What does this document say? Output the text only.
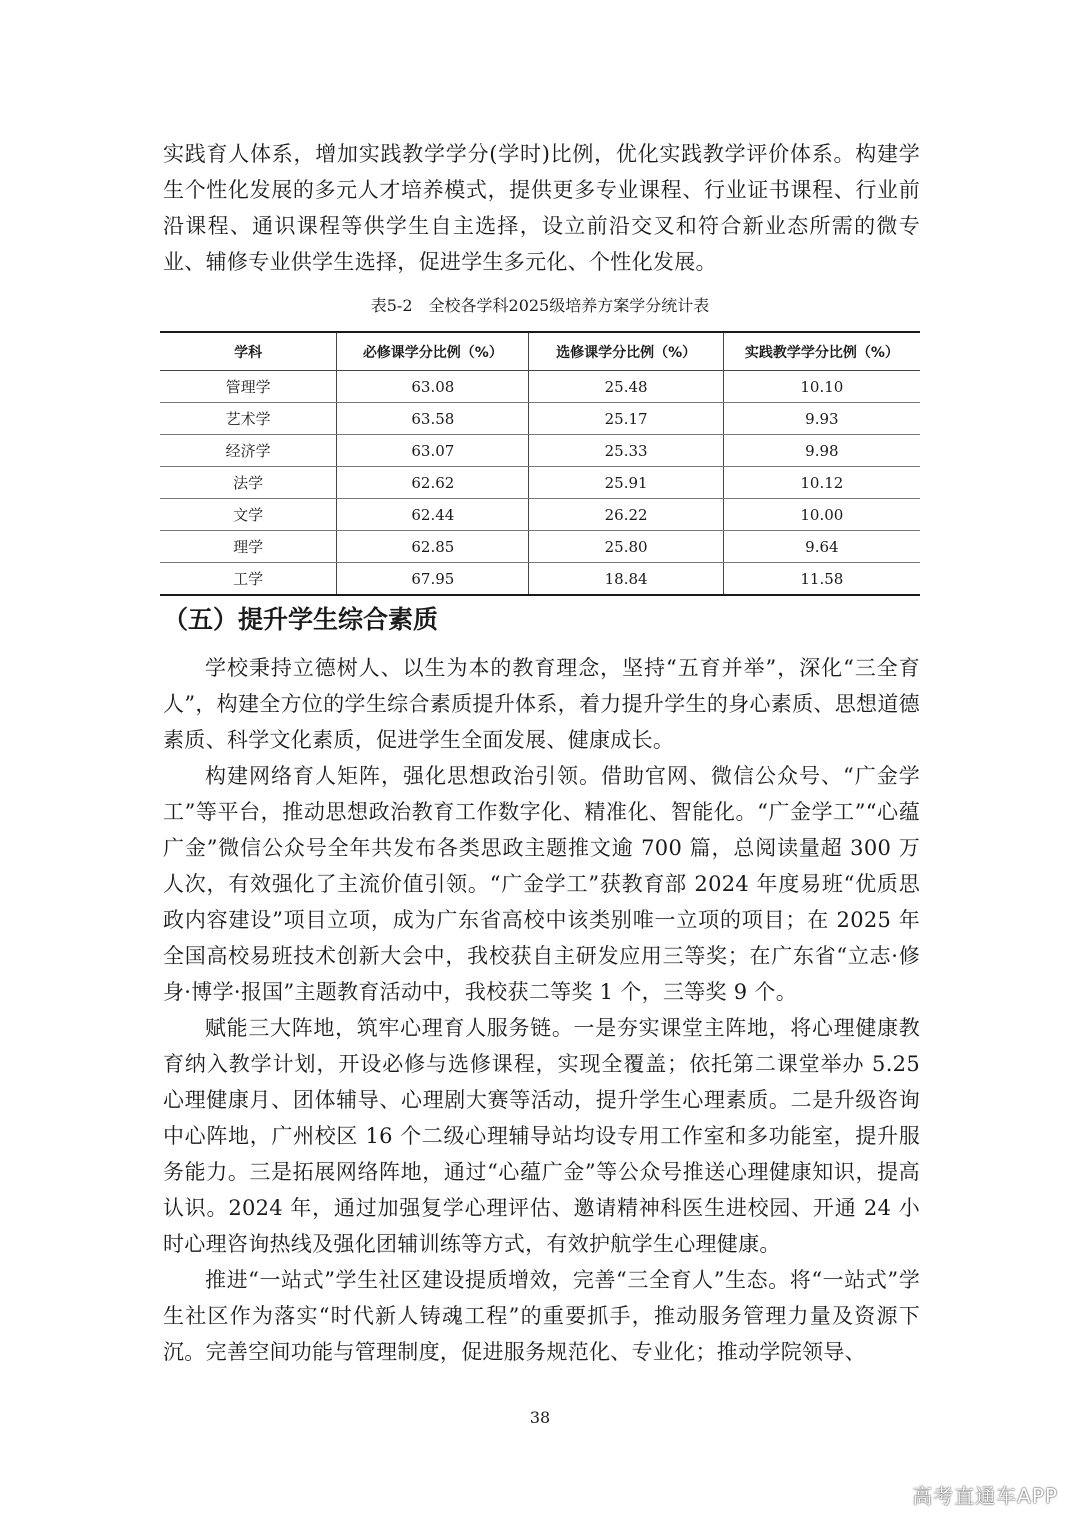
实践育人体系，增加实践教学学分(学时)比例，优化实践教学评价体系。构建学生个性化发展的多元人才培养模式，提供更多专业课程、行业证书课程、行业前沿课程、通识课程等供学生自主选择，设立前沿交叉和符合新业态所需的微专业、辅修专业供学生选择，促进学生多元化、个性化发展。

表5-2　全校各学科2025级培养方案学分统计表
学科	必修课学分比例（%）	选修课学分比例（%）	实践教学学分比例（%）
管理学	63.08	25.48	10.10
艺术学	63.58	25.17	9.93
经济学	63.07	25.33	9.98
法学	62.62	25.91	10.12
文学	62.44	26.22	10.00
理学	62.85	25.80	9.64
工学	67.95	18.84	11.58
（五）提升学生综合素质

学校秉持立德树人、以生为本的教育理念，坚持“五育并举”，深化“三全育人”，构建全方位的学生综合素质提升体系，着力提升学生的身心素质、思想道德素质、科学文化素质，促进学生全面发展、健康成长。

构建网络育人矩阵，强化思想政治引领。借助官网、微信公众号、“广金学工”等平台，推动思想政治教育工作数字化、精准化、智能化。“广金学工”“心蕴广金”微信公众号全年共发布各类思政主题推文逾 700 篇，总阅读量超 300 万人次，有效强化了主流价值引领。“广金学工”获教育部 2024 年度易班“优质思政内容建设”项目立项，成为广东省高校中该类别唯一立项的项目；在 2025 年全国高校易班技术创新大会中，我校获自主研发应用三等奖；在广东省“立志·修身·博学·报国”主题教育活动中，我校获二等奖 1 个，三等奖 9 个。

赋能三大阵地，筑牢心理育人服务链。一是夯实课堂主阵地，将心理健康教育纳入教学计划，开设必修与选修课程，实现全覆盖；依托第二课堂举办 5.25 心理健康月、团体辅导、心理剧大赛等活动，提升学生心理素质。二是升级咨询中心阵地，广州校区 16 个二级心理辅导站均设专用工作室和多功能室，提升服务能力。三是拓展网络阵地，通过“心蕴广金”等公众号推送心理健康知识，提高认识。2024 年，通过加强复学心理评估、邀请精神科医生进校园、开通 24 小时心理咨询热线及强化团辅训练等方式，有效护航学生心理健康。

推进“一站式”学生社区建设提质增效，完善“三全育人”生态。将“一站式”学生社区作为落实“时代新人铸魂工程”的重要抓手，推动服务管理力量及资源下沉。完善空间功能与管理制度，促进服务规范化、专业化；推动学院领导、

38
高考直通车APP
